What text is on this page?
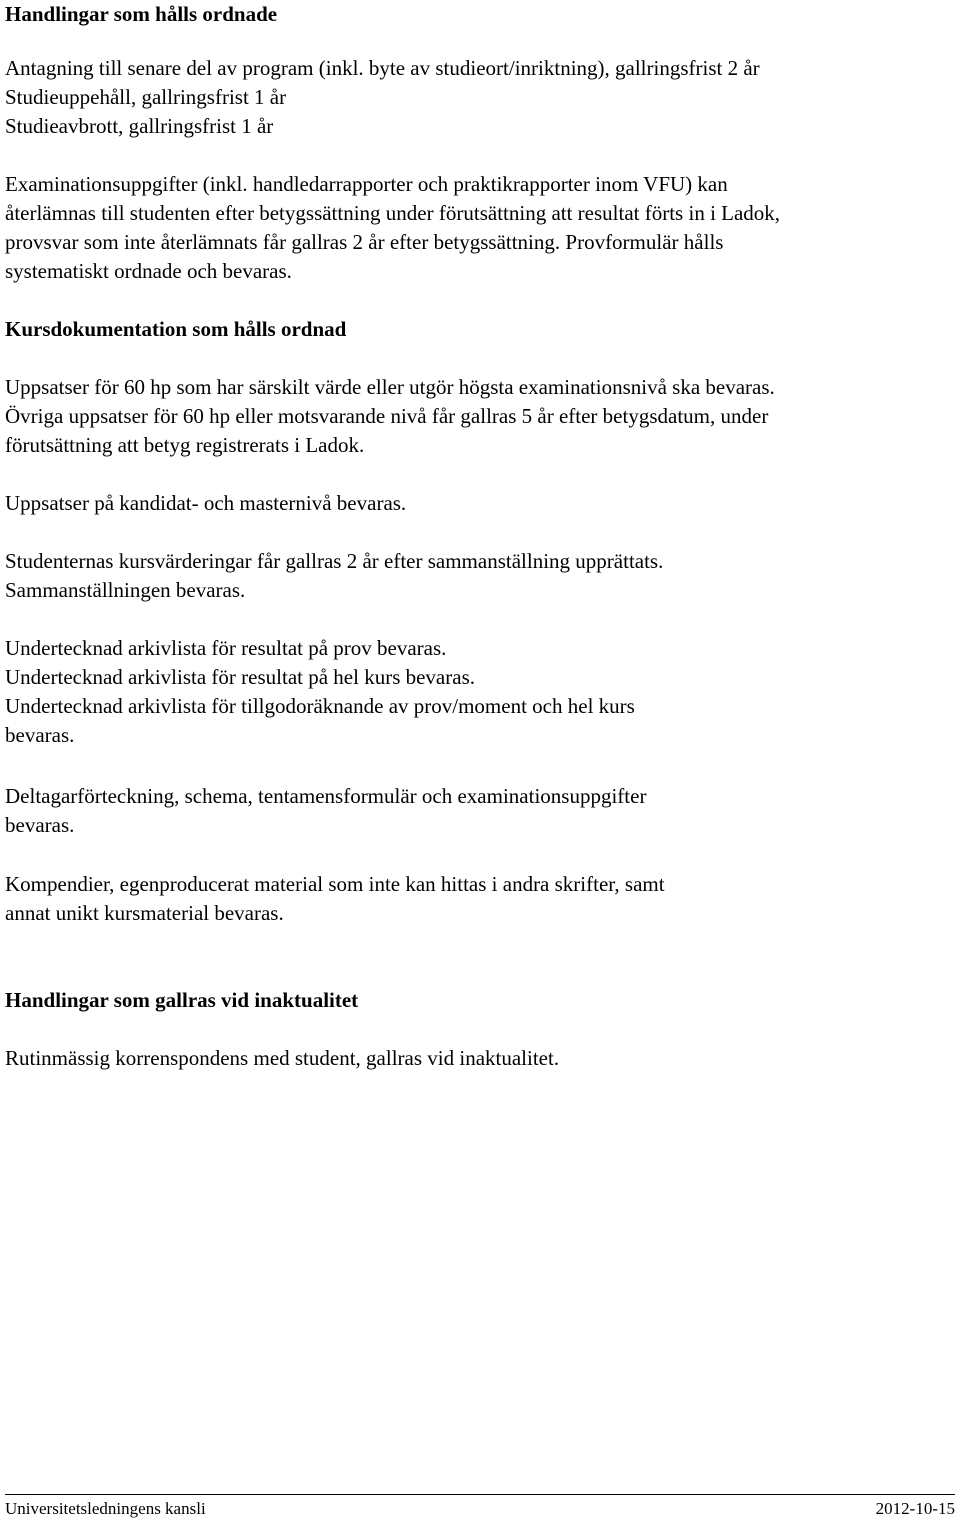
Handlingar som hålls ordnade
Antagning till senare del av program (inkl. byte av studieort/inriktning), gallringsfrist 2 år
Studieuppehåll, gallringsfrist 1 år
Studieavbrott, gallringsfrist 1 år
Examinationsuppgifter (inkl. handledarrapporter och praktikrapporter inom VFU) kan
återlämnas till studenten efter betygssättning under förutsättning att resultat förts in i Ladok,
provsvar som inte återlämnats får gallras 2 år efter betygssättning. Provformulär hålls
systematiskt ordnade och bevaras.
Kursdokumentation som hålls ordnad
Uppsatser för 60 hp som har särskilt värde eller utgör högsta examinationsnivå ska bevaras.
Övriga uppsatser för 60 hp eller motsvarande nivå får gallras 5 år efter betygsdatum, under
förutsättning att betyg registrerats i Ladok.
Uppsatser på kandidat- och masternivå bevaras.
Studenternas kursvärderingar får gallras 2 år efter sammanställning upprättats.
Sammanställningen bevaras.
Undertecknad arkivlista för resultat på prov bevaras.
Undertecknad arkivlista för resultat på hel kurs bevaras.
Undertecknad arkivlista för tillgodoräknande av prov/moment och hel kurs
bevaras.
Deltagarförteckning, schema, tentamensformulär och examinationsuppgifter
bevaras.
Kompendier, egenproducerat material som inte kan hittas i andra skrifter, samt
annat unikt kursmaterial bevaras.
Handlingar som gallras vid inaktualitet
Rutinmässig korrenspondens med student, gallras vid inaktualitet.
Universitetsledningens kansli	2012-10-15
